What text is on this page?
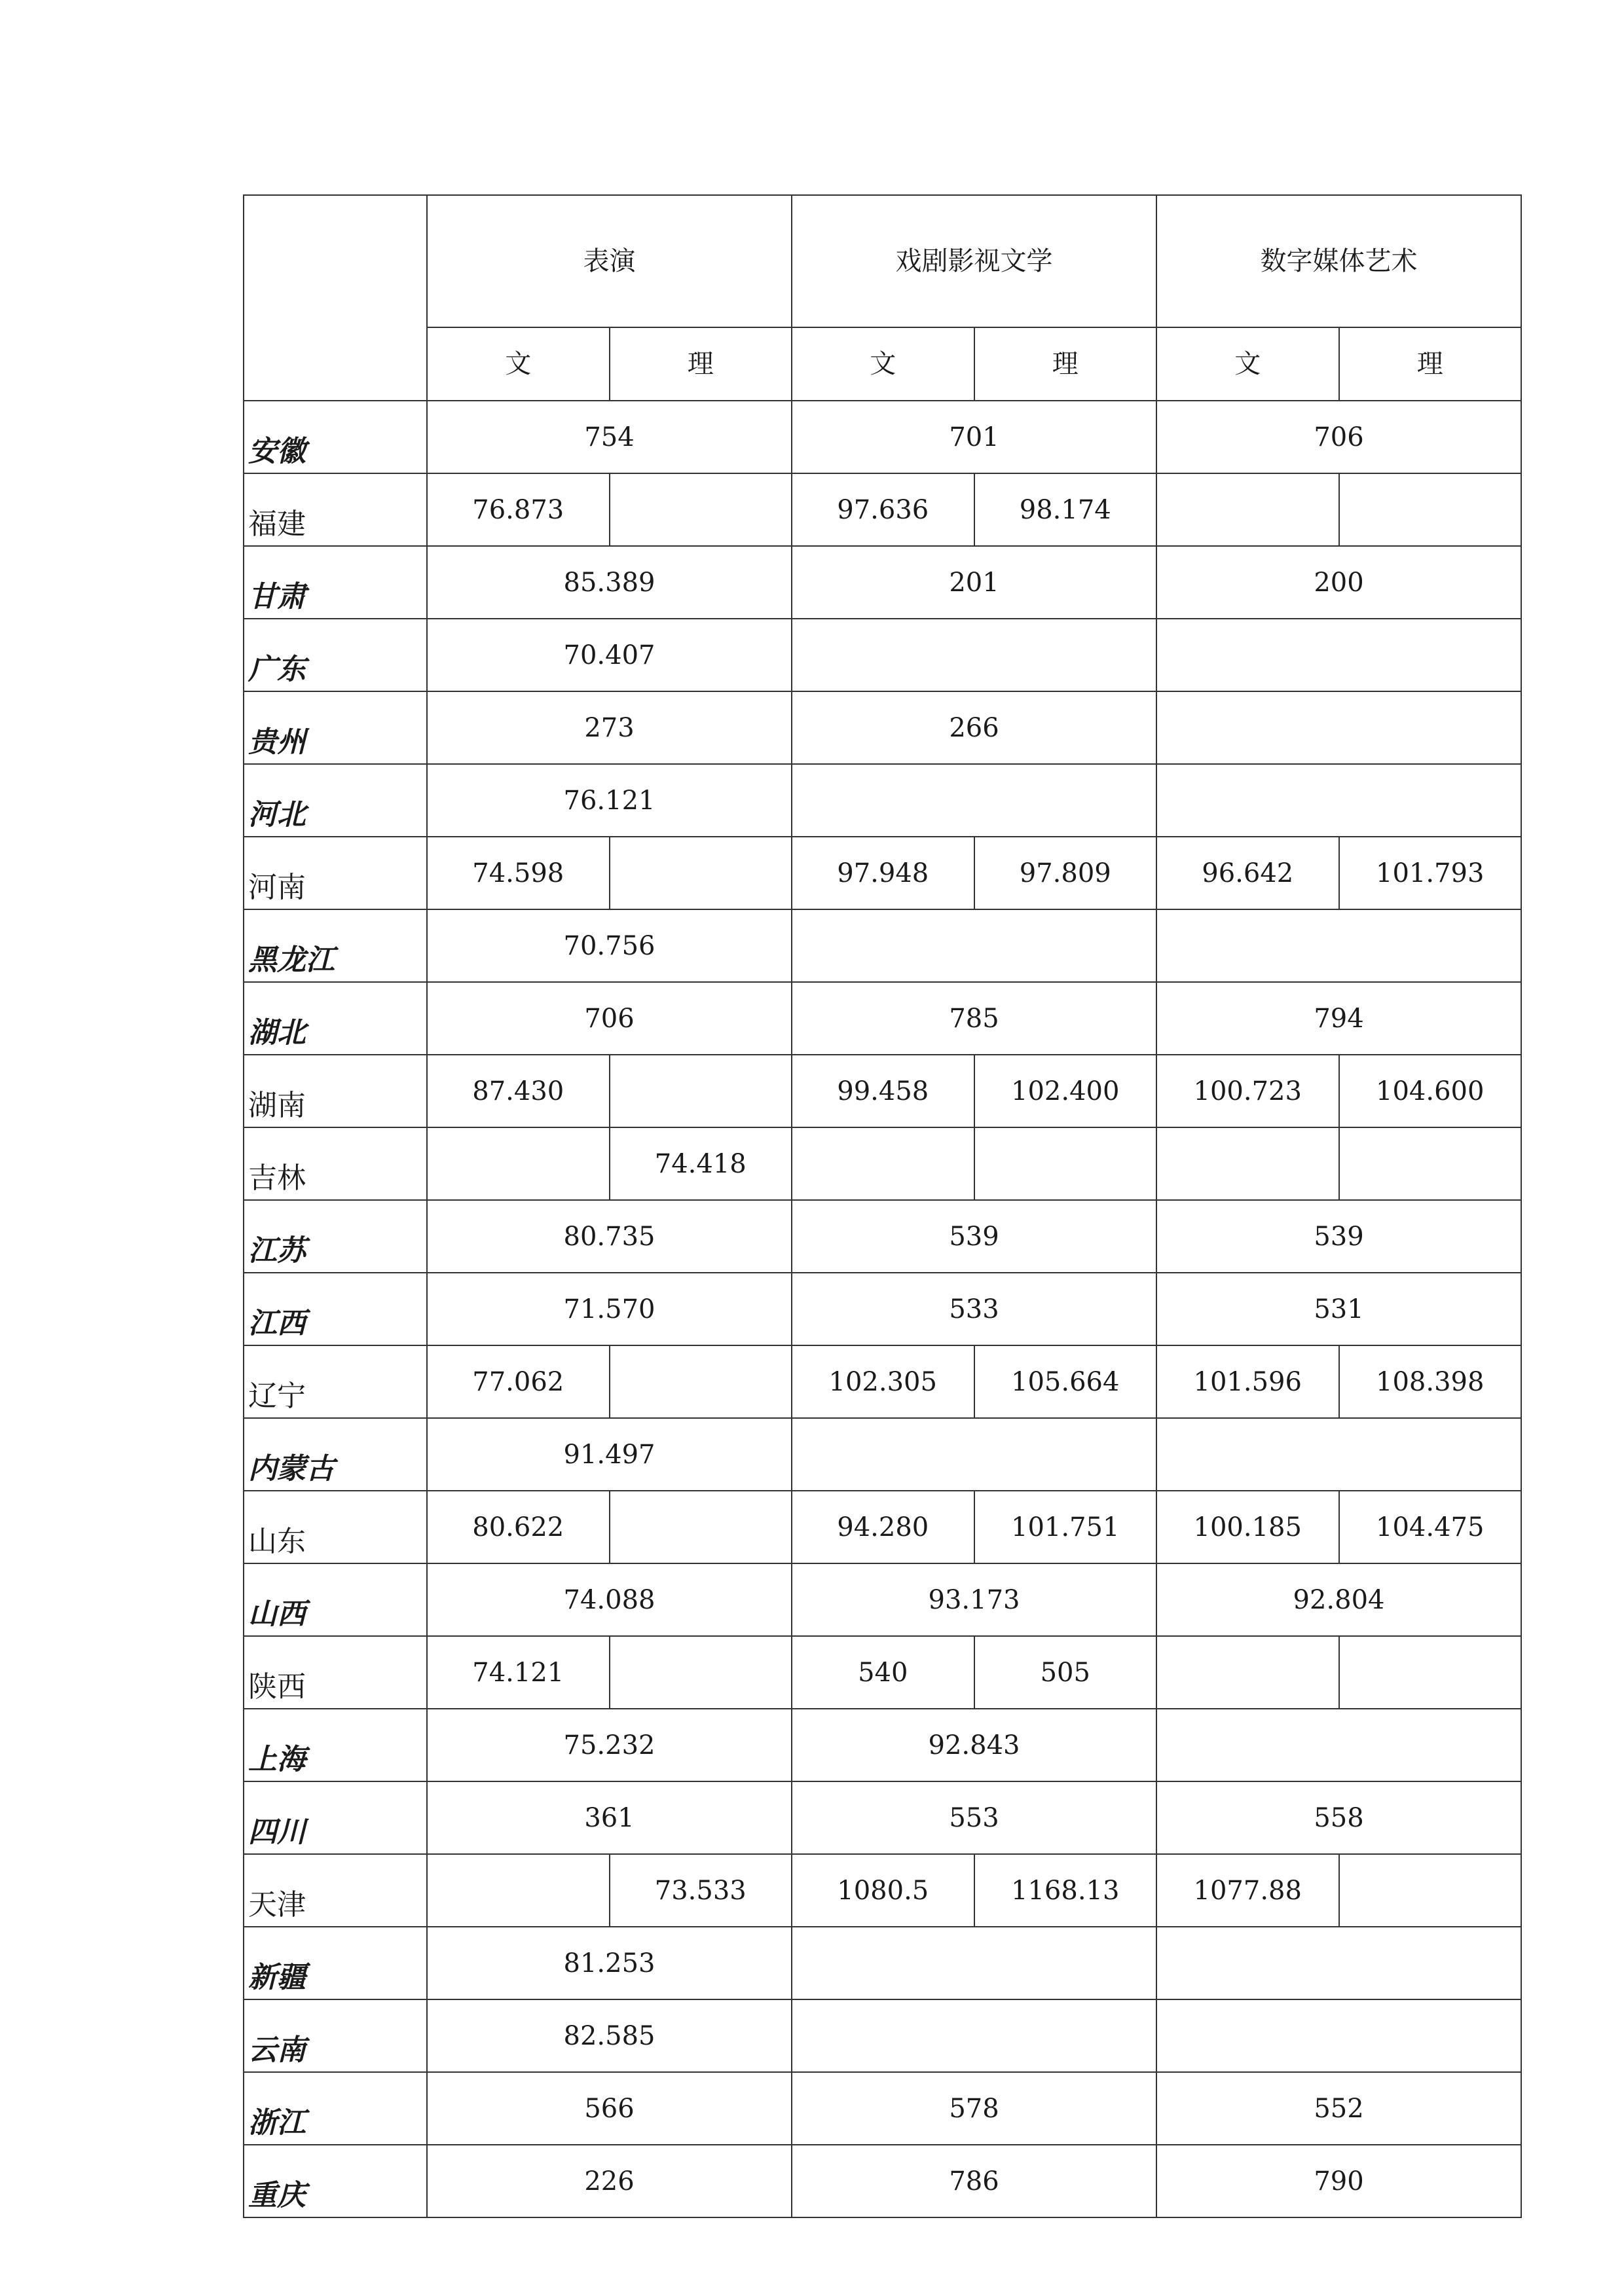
	表演		戏剧影视文学		数字媒体艺术	
	文	理	文	理	文	理
安徽	754		701		706	
福建	76.873		97.636	98.174		
甘肃	85.389		201		200	
广东	70.407					
贵州	273		266			
河北	76.121					
河南	74.598		97.948	97.809	96.642	101.793
黑龙江	70.756					
湖北	706		785		794	
湖南	87.430		99.458	102.400	100.723	104.600
吉林		74.418				
江苏	80.735		539		539	
江西	71.570		533		531	
辽宁	77.062		102.305	105.664	101.596	108.398
内蒙古	91.497					
山东	80.622		94.280	101.751	100.185	104.475
山西	74.088		93.173		92.804	
陕西	74.121		540	505		
上海	75.232		92.843			
四川	361		553		558	
天津		73.533	1080.5	1168.13	1077.88	
新疆	81.253					
云南	82.585					
浙江	566		578		552	
重庆	226		786		790	
